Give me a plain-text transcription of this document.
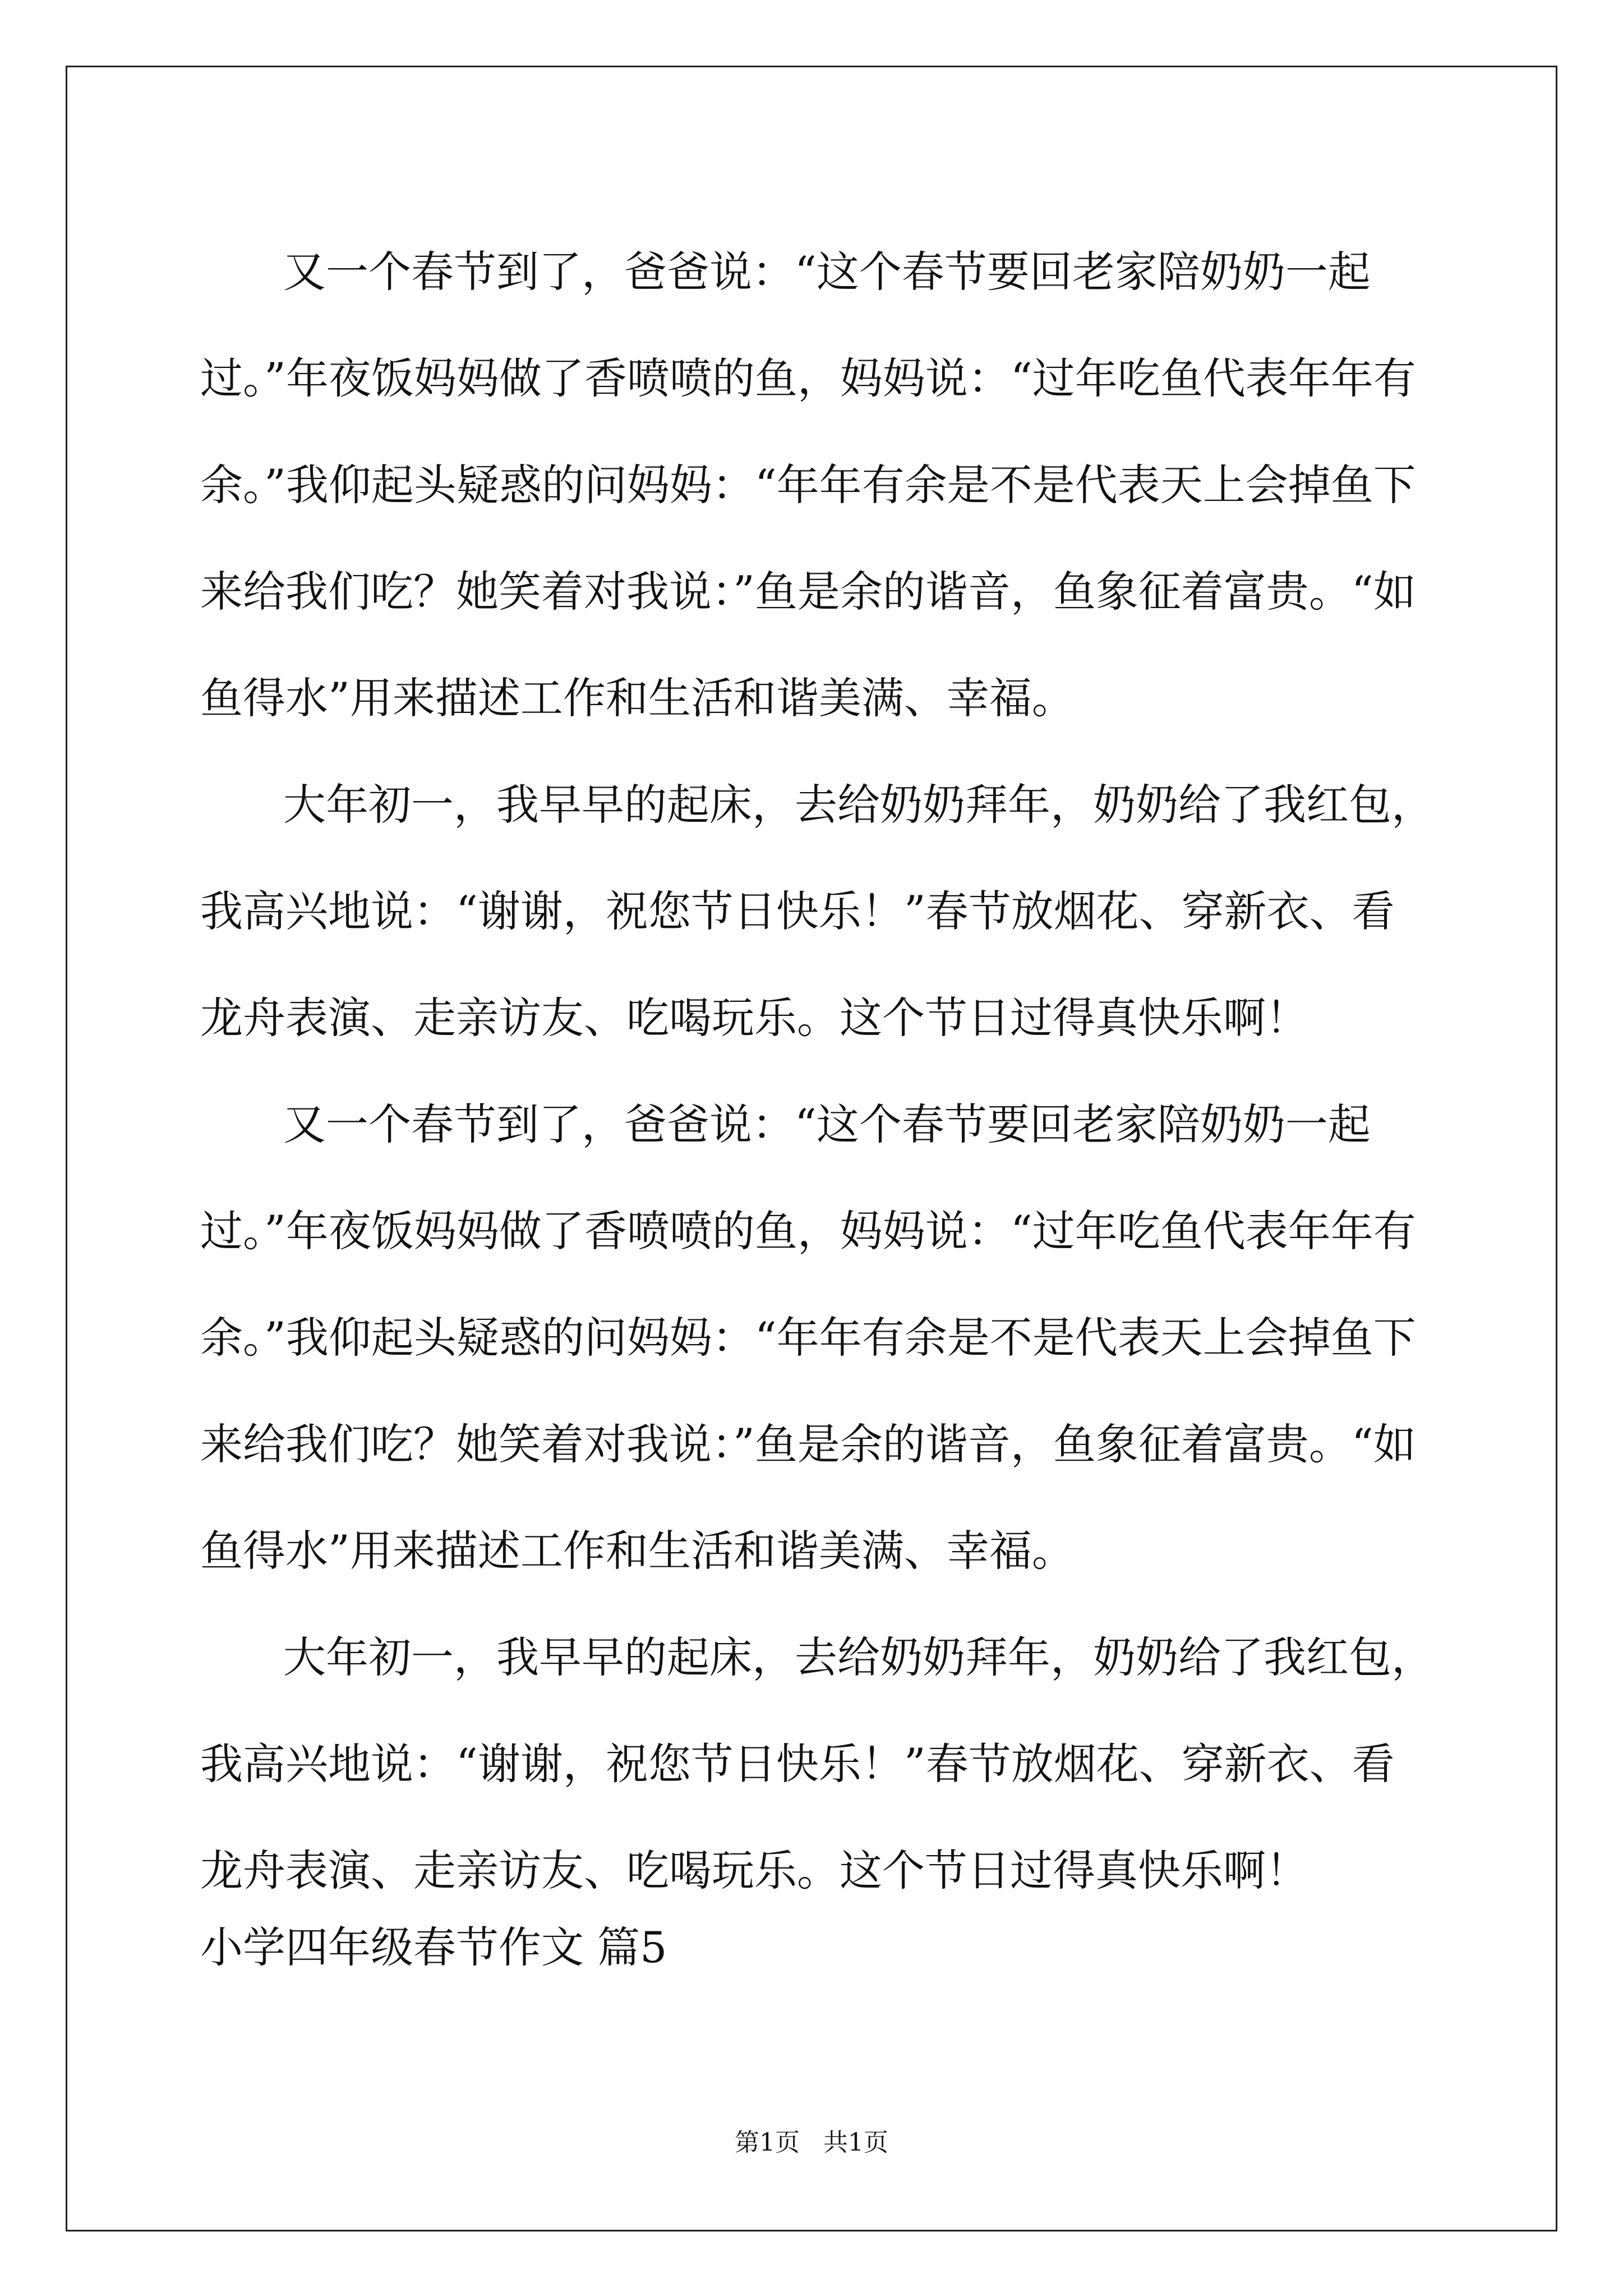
又一个春节到了，爸爸说：“这个春节要回老家陪奶奶一起过。”年夜饭妈妈做了香喷喷的鱼，妈妈说：“过年吃鱼代表年年有余。”我仰起头疑惑的问妈妈：“年年有余是不是代表天上会掉鱼下来给我们吃？她笑着对我说：”鱼是余的谐音，鱼象征着富贵。“如鱼得水”用来描述工作和生活和谐美满、幸福。

大年初一，我早早的起床，去给奶奶拜年，奶奶给了我红包，我高兴地说：“谢谢，祝您节日快乐！”春节放烟花、穿新衣、看龙舟表演、走亲访友、吃喝玩乐。这个节日过得真快乐啊！

又一个春节到了，爸爸说：“这个春节要回老家陪奶奶一起过。”年夜饭妈妈做了香喷喷的鱼，妈妈说：“过年吃鱼代表年年有余。”我仰起头疑惑的问妈妈：“年年有余是不是代表天上会掉鱼下来给我们吃？她笑着对我说：”鱼是余的谐音，鱼象征着富贵。“如鱼得水”用来描述工作和生活和谐美满、幸福。

大年初一，我早早的起床，去给奶奶拜年，奶奶给了我红包，我高兴地说：“谢谢，祝您节日快乐！”春节放烟花、穿新衣、看龙舟表演、走亲访友、吃喝玩乐。这个节日过得真快乐啊！

小学四年级春节作文 篇5

第1页   共1页
